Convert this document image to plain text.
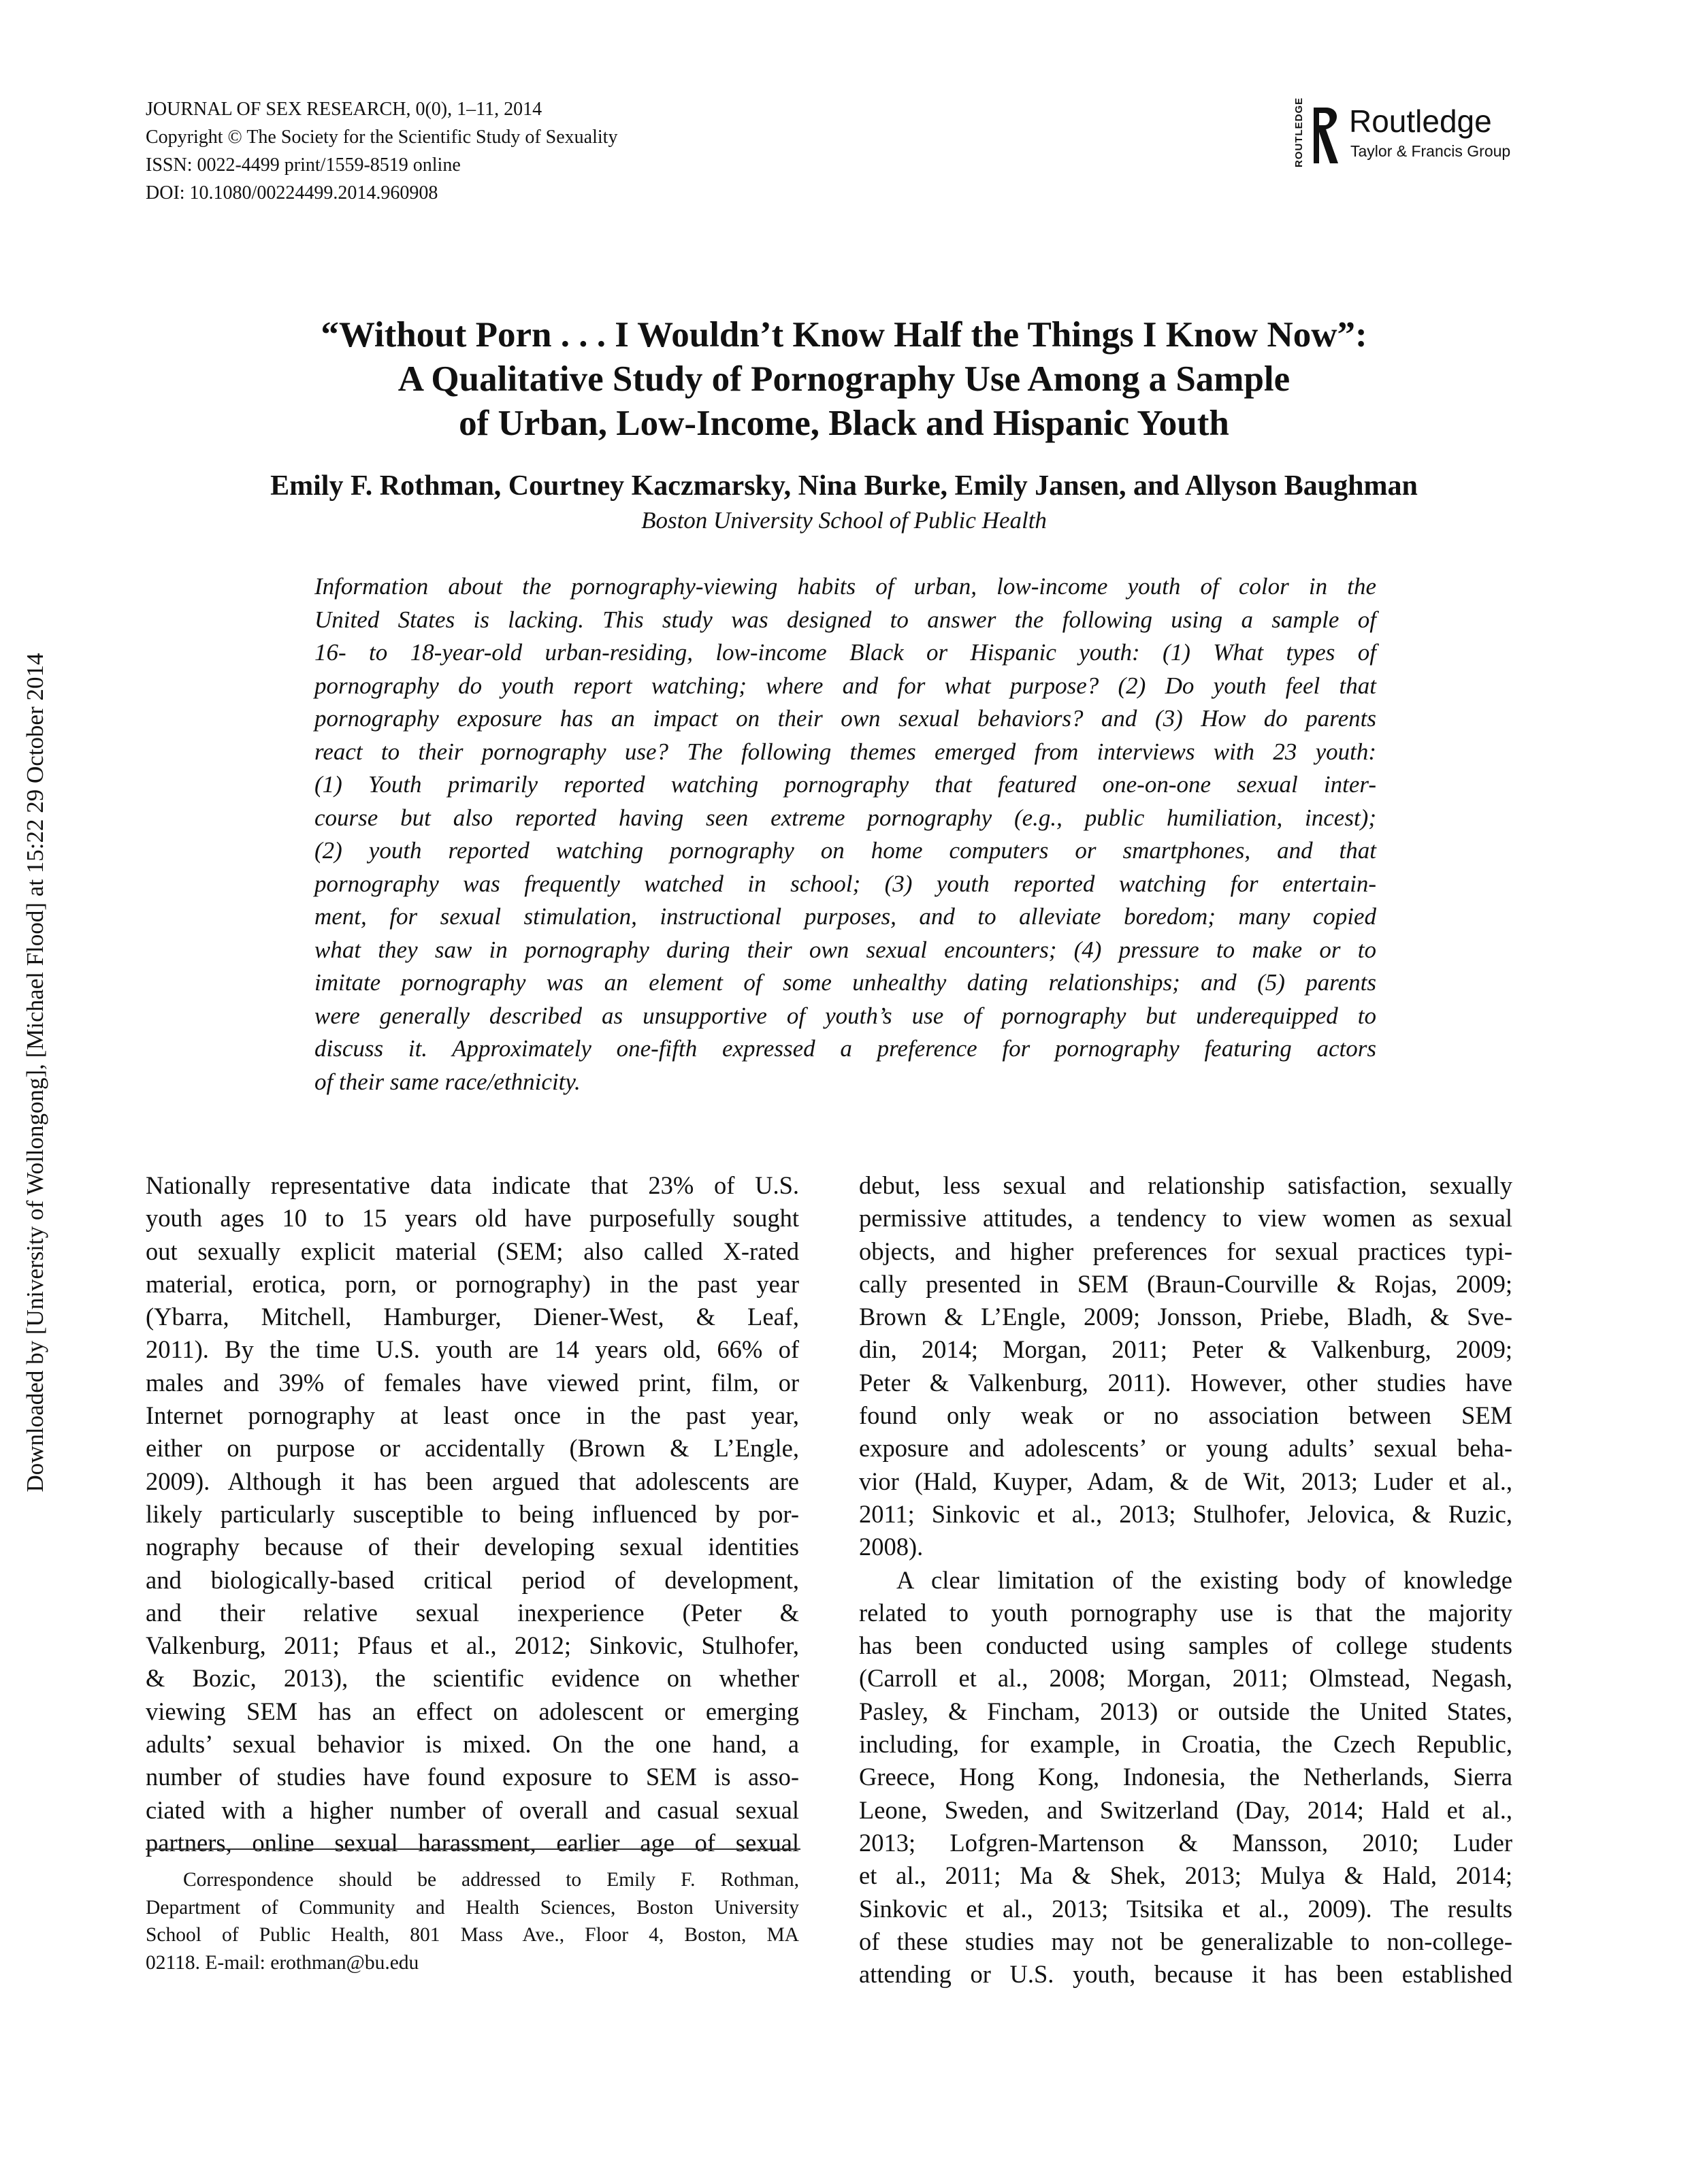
JOURNAL OF SEX RESEARCH, 0(0), 1–11, 2014
Copyright © The Society for the Scientific Study of Sexuality
ISSN: 0022-4499 print/1559-8519 online
DOI: 10.1080/00224499.2014.960908
ROUTLEDGE Routledge
Taylor & Francis Group
Downloaded by [University of Wollongong], [Michael Flood] at 15:22 29 October 2014
“Without Porn . . . I Wouldn’t Know Half the Things I Know Now”:
A Qualitative Study of Pornography Use Among a Sample
of Urban, Low-Income, Black and Hispanic Youth
Emily F. Rothman, Courtney Kaczmarsky, Nina Burke, Emily Jansen, and Allyson Baughman
Boston University School of Public Health
Information about the pornography-viewing habits of urban, low-income youth of color in the
United States is lacking. This study was designed to answer the following using a sample of
16- to 18-year-old urban-residing, low-income Black or Hispanic youth: (1) What types of
pornography do youth report watching; where and for what purpose? (2) Do youth feel that
pornography exposure has an impact on their own sexual behaviors? and (3) How do parents
react to their pornography use? The following themes emerged from interviews with 23 youth:
(1) Youth primarily reported watching pornography that featured one-on-one sexual inter-
course but also reported having seen extreme pornography (e.g., public humiliation, incest);
(2) youth reported watching pornography on home computers or smartphones, and that
pornography was frequently watched in school; (3) youth reported watching for entertain-
ment, for sexual stimulation, instructional purposes, and to alleviate boredom; many copied
what they saw in pornography during their own sexual encounters; (4) pressure to make or to
imitate pornography was an element of some unhealthy dating relationships; and (5) parents
were generally described as unsupportive of youth’s use of pornography but underequipped to
discuss it. Approximately one-fifth expressed a preference for pornography featuring actors
of their same race/ethnicity.
Nationally representative data indicate that 23% of U.S.
youth ages 10 to 15 years old have purposefully sought
out sexually explicit material (SEM; also called X-rated
material, erotica, porn, or pornography) in the past year
(Ybarra, Mitchell, Hamburger, Diener-West, & Leaf,
2011). By the time U.S. youth are 14 years old, 66% of
males and 39% of females have viewed print, film, or
Internet pornography at least once in the past year,
either on purpose or accidentally (Brown & L’Engle,
2009). Although it has been argued that adolescents are
likely particularly susceptible to being influenced by por-
nography because of their developing sexual identities
and biologically-based critical period of development,
and their relative sexual inexperience (Peter &
Valkenburg, 2011; Pfaus et al., 2012; Sinkovic, Stulhofer,
& Bozic, 2013), the scientific evidence on whether
viewing SEM has an effect on adolescent or emerging
adults’ sexual behavior is mixed. On the one hand, a
number of studies have found exposure to SEM is asso-
ciated with a higher number of overall and casual sexual
partners, online sexual harassment, earlier age of sexual
Correspondence should be addressed to Emily F. Rothman,
Department of Community and Health Sciences, Boston University
School of Public Health, 801 Mass Ave., Floor 4, Boston, MA
02118. E-mail: erothman@bu.edu
debut, less sexual and relationship satisfaction, sexually
permissive attitudes, a tendency to view women as sexual
objects, and higher preferences for sexual practices typi-
cally presented in SEM (Braun-Courville & Rojas, 2009;
Brown & L’Engle, 2009; Jonsson, Priebe, Bladh, & Sve-
din, 2014; Morgan, 2011; Peter & Valkenburg, 2009;
Peter & Valkenburg, 2011). However, other studies have
found only weak or no association between SEM
exposure and adolescents’ or young adults’ sexual beha-
vior (Hald, Kuyper, Adam, & de Wit, 2013; Luder et al.,
2011; Sinkovic et al., 2013; Stulhofer, Jelovica, & Ruzic,
2008).
A clear limitation of the existing body of knowledge
related to youth pornography use is that the majority
has been conducted using samples of college students
(Carroll et al., 2008; Morgan, 2011; Olmstead, Negash,
Pasley, & Fincham, 2013) or outside the United States,
including, for example, in Croatia, the Czech Republic,
Greece, Hong Kong, Indonesia, the Netherlands, Sierra
Leone, Sweden, and Switzerland (Day, 2014; Hald et al.,
2013; Lofgren-Martenson & Mansson, 2010; Luder
et al., 2011; Ma & Shek, 2013; Mulya & Hald, 2014;
Sinkovic et al., 2013; Tsitsika et al., 2009). The results
of these studies may not be generalizable to non-college-
attending or U.S. youth, because it has been established
